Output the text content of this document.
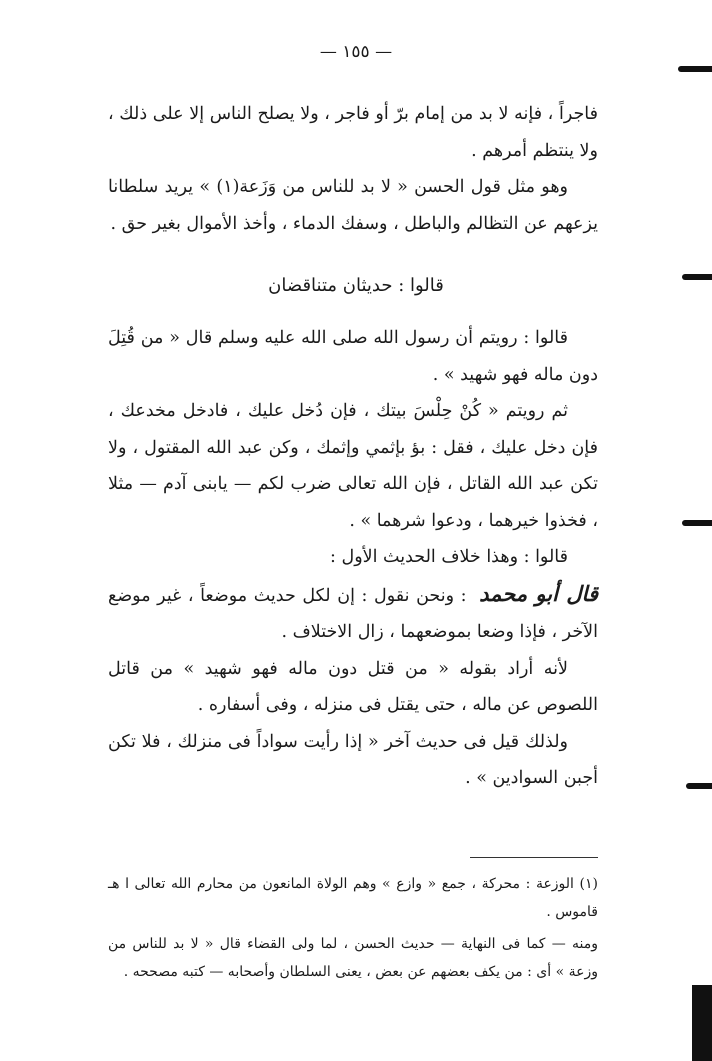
— ١٥٥ —

فاجراً ، فإنه لا بد من إمام برّ أو فاجر ، ولا يصلح الناس إلا على ذلك ، ولا ينتظم أمرهم .

وهو مثل قول الحسن « لا بد للناس من وَزَعة(١) » يريد سلطانا يزعهم عن التظالم والباطل ، وسفك الدماء ، وأخذ الأموال بغير حق .

قالوا : حديثان متناقضان

قالوا : رويتم أن رسول الله صلى الله عليه وسلم قال « من قُتِلَ دون ماله فهو شهيد » .

ثم رويتم « كُنْ حِلْسَ بيتك ، فإن دُخل عليك ، فادخل مخدعك ، فإن دخل عليك ، فقل : بؤ بإثمي وإثمك ، وكن عبد الله المقتول ، ولا تكن عبد الله القاتل ، فإن الله تعالى ضرب لكم — يابنى آدم — مثلا ، فخذوا خيرهما ، ودعوا شرهما » .

قالوا : وهذا خلاف الحديث الأول :

قال أبو محمد : ونحن نقول : إن لكل حديث موضعاً ، غير موضع الآخر ، فإذا وضعا بموضعهما ، زال الاختلاف .

لأنه أراد بقوله « من قتل دون ماله فهو شهيد » من قاتل اللصوص عن ماله ، حتى يقتل فى منزله ، وفى أسفاره .

ولذلك قيل فى حديث آخر « إذا رأيت سواداً فى منزلك ، فلا تكن أجبن السوادين » .

(١) الوزعة : محركة ، جمع « وازع » وهم الولاة المانعون من محارم الله تعالى ا هـ قاموس .

ومنه — كما فى النهاية — حديث الحسن ، لما ولى القضاء قال « لا بد للناس من وزعة » أى : من يكف بعضهم عن بعض ، يعنى السلطان وأصحابه — كتبه مصححه .
